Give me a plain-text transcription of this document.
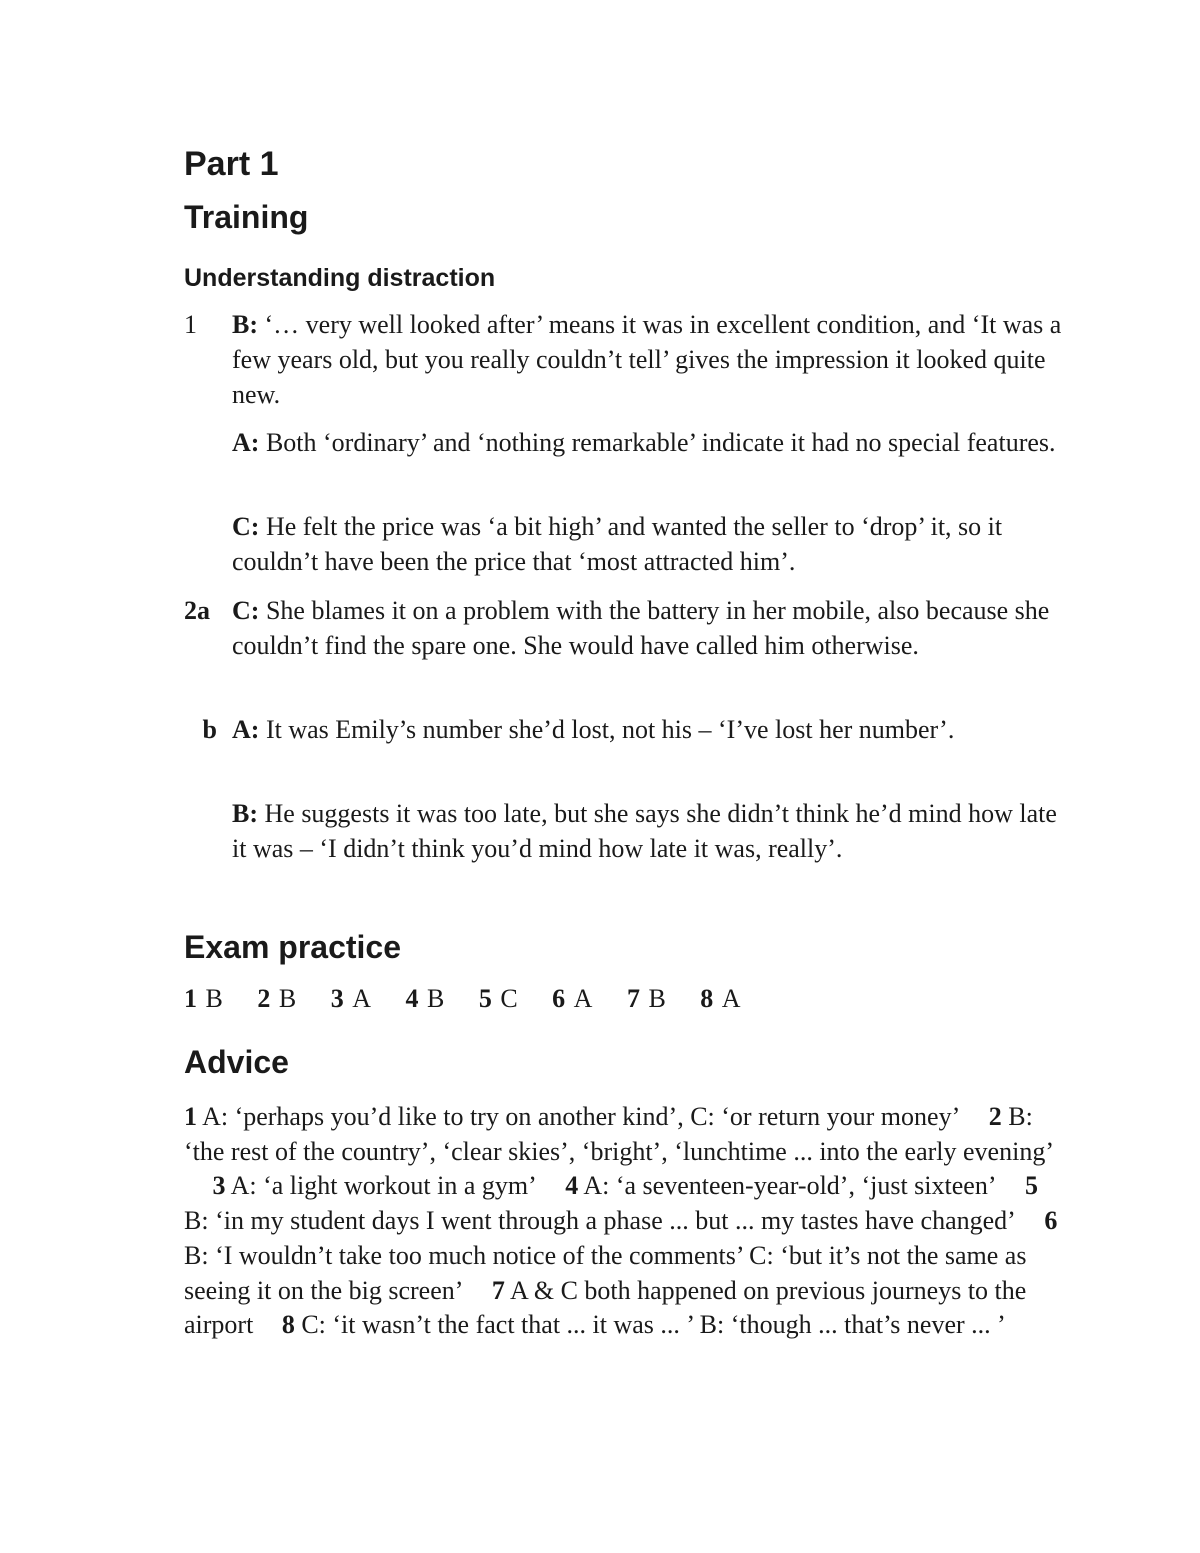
Part 1
Training
Understanding distraction
1	B: ‘… very well looked after’ means it was in excellent condition, and ‘It was a few years old, but you really couldn’t tell’ gives the impression it looked quite new.
A: Both ‘ordinary’ and ‘nothing remarkable’ indicate it had no special features.
C: He felt the price was ‘a bit high’ and wanted the seller to ‘drop’ it, so it couldn’t have been the price that ‘most attracted him’.
2a C: She blames it on a problem with the battery in her mobile, also because she couldn’t find the spare one. She would have called him otherwise.
b A: It was Emily’s number she’d lost, not his – ‘I’ve lost her number’.
B: He suggests it was too late, but she says she didn’t think he’d mind how late it was – ‘I didn’t think you’d mind how late it was, really’.
Exam practice
1 B 2 B 3 A 4 B 5 C 6 A 7 B 8 A
Advice
1 A: ‘perhaps you’d like to try on another kind’, C: ‘or return your money’ 2 B: ‘the rest of the country’, ‘clear skies’, ‘bright’, ‘lunchtime ... into the early evening’ 3 A: ‘a light workout in a gym’ 4 A: ‘a seventeen-year-old’, ‘just sixteen’ 5 B: ‘in my student days I went through a phase ... but ... my tastes have changed’ 6 B: ‘I wouldn’t take too much notice of the comments’ C: ‘but it’s not the same as seeing it on the big screen’ 7 A & C both happened on previous journeys to the airport 8 C: ‘it wasn’t the fact that ... it was ... ’ B: ‘though ... that’s never ... ’
